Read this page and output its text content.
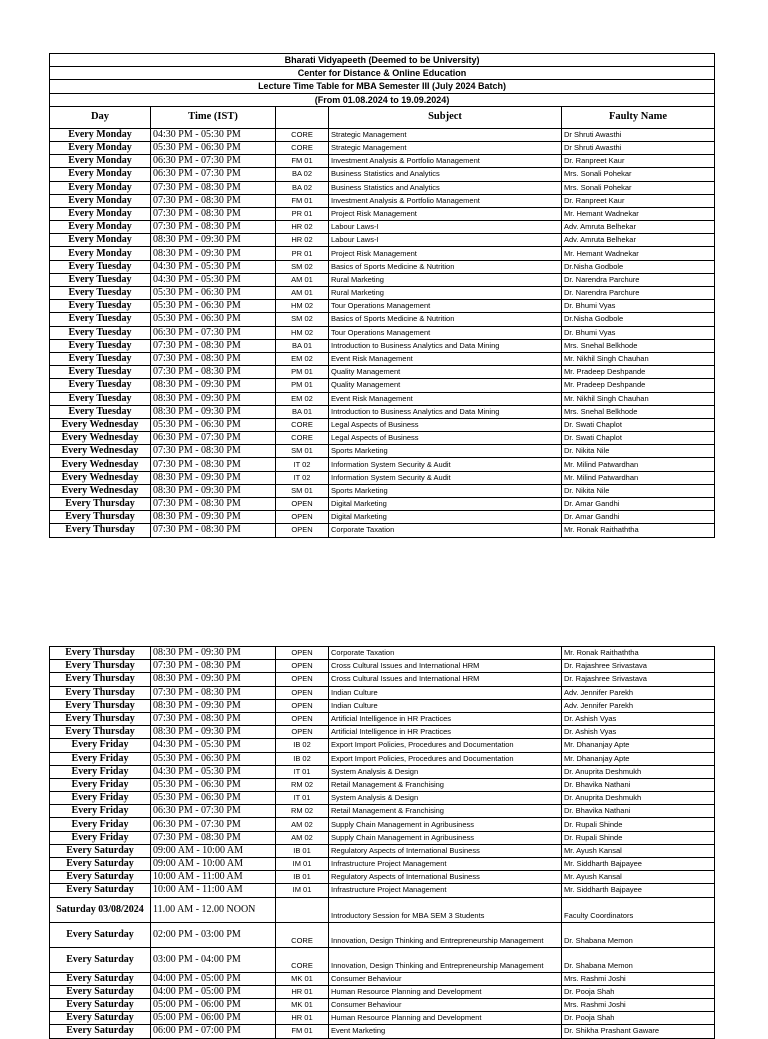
Bharati Vidyapeeth (Deemed to be University)				
Center for Distance & Online Education				
Lecture Time Table for MBA Semester III (July 2024 Batch)				
(From 01.08.2024 to 19.09.2024)				
Day	Time (IST)		Subject	Faulty Name
Every Monday	04:30 PM - 05:30 PM	CORE	Strategic Management	Dr Shruti Awasthi
Every Monday	05:30 PM - 06:30 PM	CORE	Strategic Management	Dr Shruti Awasthi
Every Monday	06:30 PM - 07:30 PM	FM 01	Investment Analysis & Portfolio Management	Dr. Ranpreet Kaur
Every Monday	06:30 PM - 07:30 PM	BA 02	Business Statistics and Analytics	Mrs. Sonali Pohekar
Every Monday	07:30 PM - 08:30 PM	BA 02	Business Statistics and Analytics	Mrs. Sonali Pohekar
Every Monday	07:30 PM - 08:30 PM	FM 01	Investment Analysis & Portfolio Management	Dr. Ranpreet Kaur
Every Monday	07:30 PM - 08:30 PM	PR 01	Project Risk Management	Mr. Hemant Wadnekar
Every Monday	07:30 PM - 08:30 PM	HR 02	Labour Laws-I	Adv. Amruta Belhekar
Every Monday	08:30 PM - 09:30 PM	HR 02	Labour Laws-I	Adv. Amruta Belhekar
Every Monday	08:30 PM - 09:30 PM	PR 01	Project Risk Management	Mr. Hemant Wadnekar
Every Tuesday	04:30 PM - 05:30 PM	SM 02	Basics of Sports Medicine & Nutrition	Dr.Nisha Godbole
Every Tuesday	04:30 PM - 05:30 PM	AM 01	Rural Marketing	Dr. Narendra Parchure
Every Tuesday	05:30 PM - 06:30 PM	AM 01	Rural Marketing	Dr. Narendra Parchure
Every Tuesday	05:30 PM - 06:30 PM	HM 02	Tour Operations Management	Dr. Bhumi Vyas
Every Tuesday	05:30 PM - 06:30 PM	SM 02	Basics of Sports Medicine & Nutrition	Dr.Nisha Godbole
Every Tuesday	06:30 PM - 07:30 PM	HM 02	Tour Operations Management	Dr. Bhumi Vyas
Every Tuesday	07:30 PM - 08:30 PM	BA 01	Introduction to Business Analytics and Data Mining	Mrs. Snehal Belkhode
Every Tuesday	07:30 PM - 08:30 PM	EM 02	Event Risk Management	Mr. Nikhil Singh Chauhan
Every Tuesday	07:30 PM - 08:30 PM	PM 01	Quality Management	Mr. Pradeep Deshpande
Every Tuesday	08:30 PM - 09:30 PM	PM 01	Quality Management	Mr. Pradeep Deshpande
Every Tuesday	08:30 PM - 09:30 PM	EM 02	Event Risk Management	Mr. Nikhil Singh Chauhan
Every Tuesday	08:30 PM - 09:30 PM	BA 01	Introduction to Business Analytics and Data Mining	Mrs. Snehal Belkhode
Every Wednesday	05:30 PM - 06:30 PM	CORE	Legal Aspects of Business	Dr. Swati Chaplot
Every Wednesday	06:30 PM - 07:30 PM	CORE	Legal Aspects of Business	Dr. Swati Chaplot
Every Wednesday	07:30 PM - 08:30 PM	SM 01	Sports Marketing	Dr. Nikita Nile
Every Wednesday	07:30 PM - 08:30 PM	IT 02	Information System Security & Audit	Mr. Milind Patwardhan
Every Wednesday	08:30 PM - 09:30 PM	IT 02	Information System Security & Audit	Mr. Milind Patwardhan
Every Wednesday	08:30 PM - 09:30 PM	SM 01	Sports Marketing	Dr. Nikita Nile
Every Thursday	07:30 PM - 08:30 PM	OPEN	Digital Marketing	Dr. Amar Gandhi
Every Thursday	08:30 PM - 09:30 PM	OPEN	Digital Marketing	Dr. Amar Gandhi
Every Thursday	07:30 PM - 08:30 PM	OPEN	Corporate Taxation	Mr. Ronak Raithaththa
Every Thursday	08:30 PM - 09:30 PM	OPEN	Corporate Taxation	Mr. Ronak Raithaththa
Every Thursday	07:30 PM - 08:30 PM	OPEN	Cross Cultural Issues and International HRM	Dr. Rajashree Srivastava
Every Thursday	08:30 PM - 09:30 PM	OPEN	Cross Cultural Issues and International HRM	Dr. Rajashree Srivastava
Every Thursday	07:30 PM - 08:30 PM	OPEN	Indian Culture	Adv. Jennifer Parekh
Every Thursday	08:30 PM - 09:30 PM	OPEN	Indian Culture	Adv. Jennifer Parekh
Every Thursday	07:30 PM - 08:30 PM	OPEN	Artificial Intelligence in HR Practices	Dr. Ashish Vyas
Every Thursday	08:30 PM - 09:30 PM	OPEN	Artificial Intelligence in HR Practices	Dr. Ashish Vyas
Every Friday	04:30 PM - 05:30 PM	IB 02	Export Import Policies, Procedures and Documentation	Mr. Dhananjay Apte
Every Friday	05:30 PM - 06:30 PM	IB 02	Export Import Policies, Procedures and Documentation	Mr. Dhananjay Apte
Every Friday	04:30 PM - 05:30 PM	IT 01	System Analysis & Design	Dr. Anuprita Deshmukh
Every Friday	05:30 PM - 06:30 PM	RM 02	Retail Management & Franchising	Dr. Bhavika Nathani
Every Friday	05:30 PM - 06:30 PM	IT 01	System Analysis & Design	Dr. Anuprita Deshmukh
Every Friday	06:30 PM - 07:30 PM	RM 02	Retail Management & Franchising	Dr. Bhavika Nathani
Every Friday	06:30 PM - 07:30 PM	AM 02	Supply Chain Management in Agribusiness	Dr. Rupali Shinde
Every Friday	07:30 PM - 08:30 PM	AM 02	Supply Chain Management in Agribusiness	Dr. Rupali Shinde
Every Saturday	09:00 AM - 10:00 AM	IB 01	Regulatory Aspects of International Business	Mr. Ayush Kansal
Every Saturday	09:00 AM - 10:00 AM	IM 01	Infrastructure Project Management	Mr. Siddharth Bajpayee
Every Saturday	10:00 AM - 11:00 AM	IB 01	Regulatory Aspects of International Business	Mr. Ayush Kansal
Every Saturday	10:00 AM - 11:00 AM	IM 01	Infrastructure Project Management	Mr. Siddharth Bajpayee
Saturday 03/08/2024	11.00 AM - 12.00 NOON		Introductory Session for MBA SEM 3 Students	Faculty Coordinators
Every Saturday	02:00 PM - 03:00 PM	CORE	Innovation, Design Thinking and Entrepreneurship Management	Dr. Shabana Memon
Every Saturday	03:00 PM - 04:00 PM	CORE	Innovation, Design Thinking and Entrepreneurship Management	Dr. Shabana Memon
Every Saturday	04:00 PM - 05:00 PM	MK 01	Consumer Behaviour	Mrs. Rashmi Joshi
Every Saturday	04:00 PM - 05:00 PM	HR 01	Human Resource Planning and Development	Dr. Pooja Shah
Every Saturday	05:00 PM - 06:00 PM	MK 01	Consumer Behaviour	Mrs. Rashmi Joshi
Every Saturday	05:00 PM - 06:00 PM	HR 01	Human Resource Planning and Development	Dr. Pooja Shah
Every Saturday	06:00 PM - 07:00 PM	FM 01	Event Marketing	Dr. Shikha Prashant Gaware
